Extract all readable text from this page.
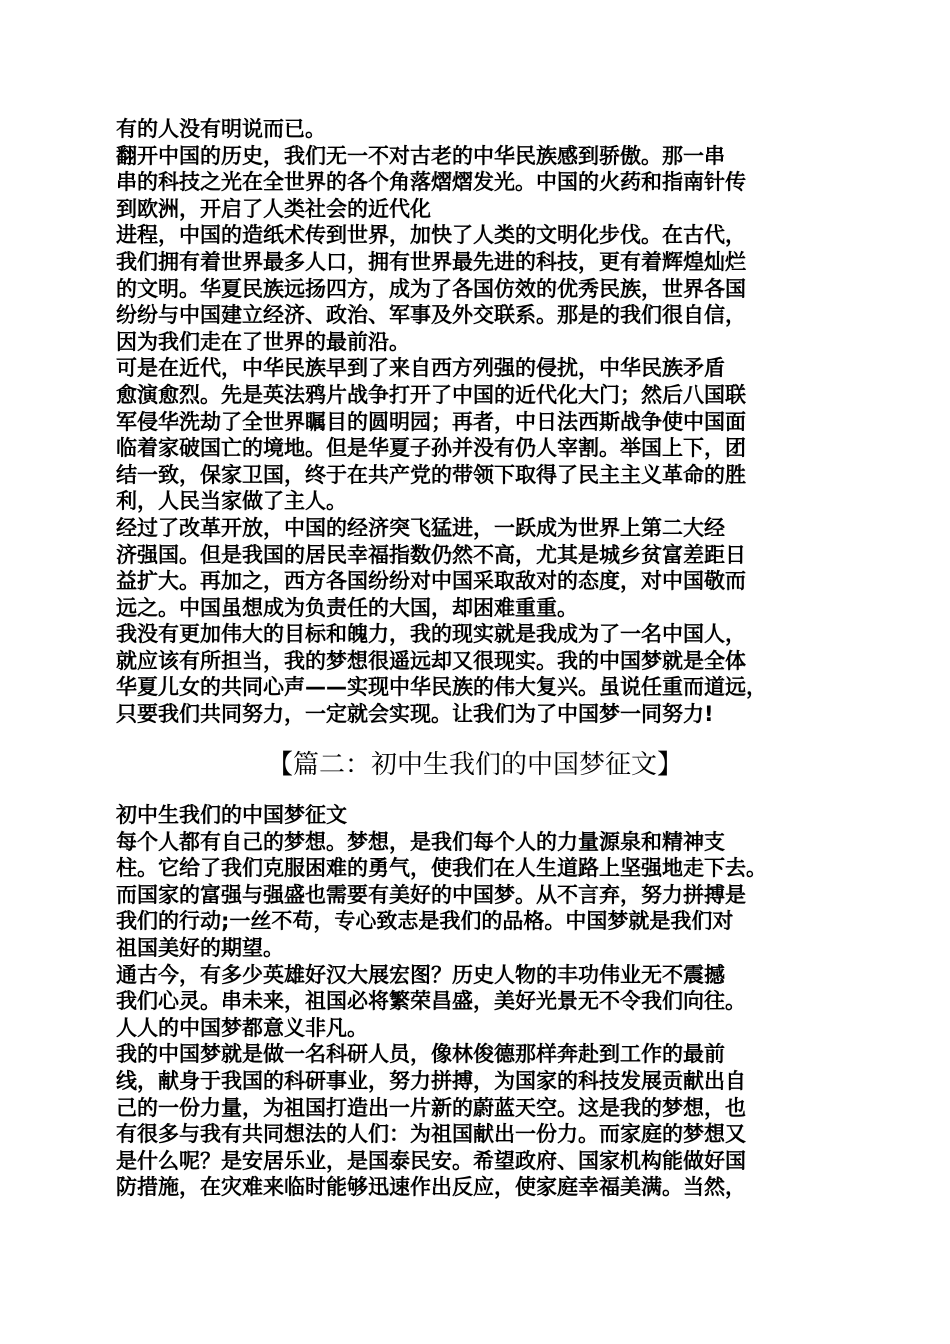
有的人没有明说而已。
翻开中国的历史，我们无一不对古老的中华民族感到骄傲。那一串
串的科技之光在全世界的各个角落熠熠发光。中国的火药和指南针传
到欧洲，开启了人类社会的近代化
进程，中国的造纸术传到世界，加快了人类的文明化步伐。在古代，
我们拥有着世界最多人口，拥有世界最先进的科技，更有着辉煌灿烂
的文明。华夏民族远扬四方，成为了各国仿效的优秀民族，世界各国
纷纷与中国建立经济、政治、军事及外交联系。那是的我们很自信，
因为我们走在了世界的最前沿。
可是在近代，中华民族早到了来自西方列强的侵扰，中华民族矛盾
愈演愈烈。先是英法鸦片战争打开了中国的近代化大门；然后八国联
军侵华洗劫了全世界瞩目的圆明园；再者，中日法西斯战争使中国面
临着家破国亡的境地。但是华夏子孙并没有仍人宰割。举国上下，团
结一致，保家卫国，终于在共产党的带领下取得了民主主义革命的胜
利，人民当家做了主人。
经过了改革开放，中国的经济突飞猛进，一跃成为世界上第二大经
济强国。但是我国的居民幸福指数仍然不高，尤其是城乡贫富差距日
益扩大。再加之，西方各国纷纷对中国采取敌对的态度，对中国敬而
远之。中国虽想成为负责任的大国，却困难重重。
我没有更加伟大的目标和魄力，我的现实就是我成为了一名中国人，
就应该有所担当，我的梦想很遥远却又很现实。我的中国梦就是全体
华夏儿女的共同心声——实现中华民族的伟大复兴。虽说任重而道远，
只要我们共同努力，一定就会实现。让我们为了中国梦一同努力!
【篇二：初中生我们的中国梦征文】
初中生我们的中国梦征文
每个人都有自己的梦想。梦想，是我们每个人的力量源泉和精神支
柱。它给了我们克服困难的勇气，使我们在人生道路上坚强地走下去。
而国家的富强与强盛也需要有美好的中国梦。从不言弃，努力拼搏是
我们的行动;一丝不苟，专心致志是我们的品格。中国梦就是我们对
祖国美好的期望。
通古今，有多少英雄好汉大展宏图？历史人物的丰功伟业无不震撼
我们心灵。串未来，祖国必将繁荣昌盛，美好光景无不令我们向往。
人人的中国梦都意义非凡。
我的中国梦就是做一名科研人员，像林俊德那样奔赴到工作的最前
线，献身于我国的科研事业，努力拼搏，为国家的科技发展贡献出自
己的一份力量，为祖国打造出一片新的蔚蓝天空。这是我的梦想，也
有很多与我有共同想法的人们：为祖国献出一份力。而家庭的梦想又
是什么呢？是安居乐业，是国泰民安。希望政府、国家机构能做好国
防措施，在灾难来临时能够迅速作出反应，使家庭幸福美满。当然，
